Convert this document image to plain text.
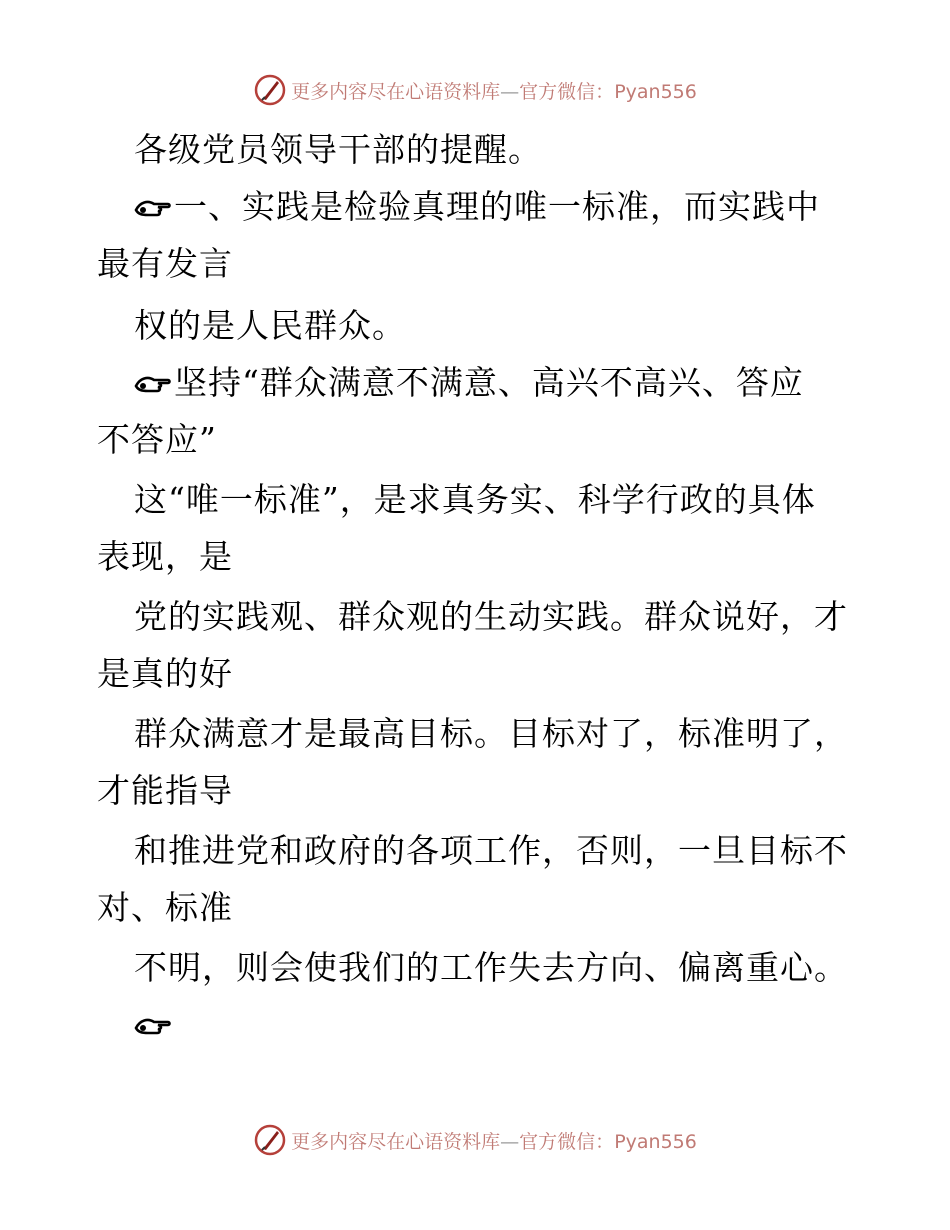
更多内容尽在心语资料库—官方微信：Pyan556
各级党员领导干部的提醒。
一、实践是检验真理的唯一标准，而实践中
最有发言
权的是人民群众。
坚持“群众满意不满意、高兴不高兴、答应
不答应”
这“唯一标准”，是求真务实、科学行政的具体
表现，是
党的实践观、群众观的生动实践。群众说好，才
是真的好
群众满意才是最高目标。目标对了，标准明了，
才能指导
和推进党和政府的各项工作，否则，一旦目标不
对、标准
不明，则会使我们的工作失去方向、偏离重心。
更多内容尽在心语资料库—官方微信：Pyan556
